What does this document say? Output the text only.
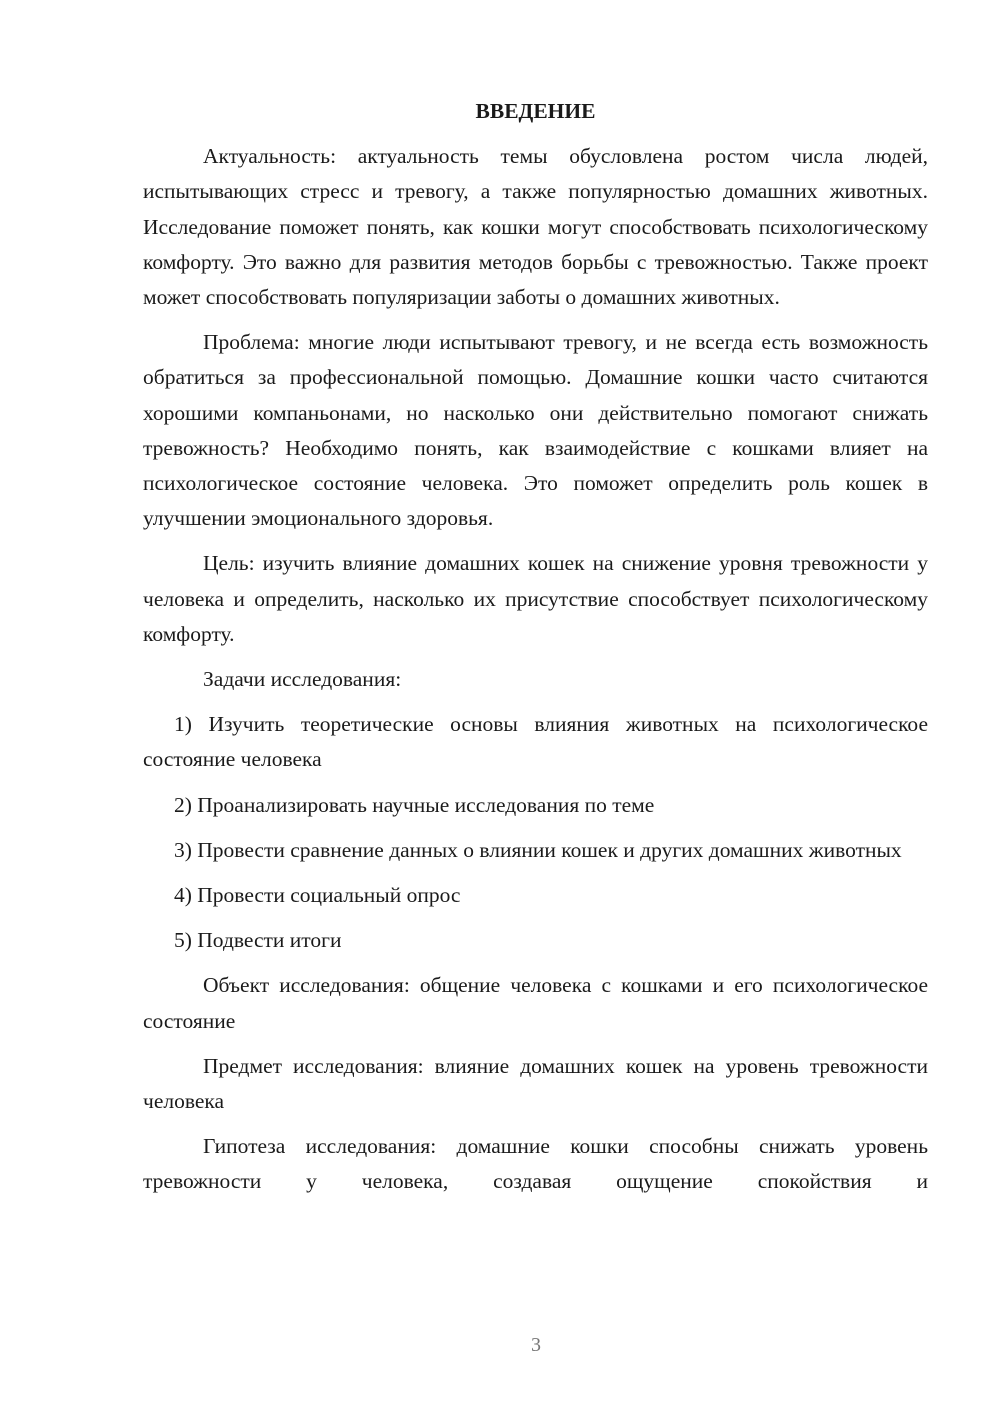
ВВЕДЕНИЕ

Актуальность: актуальность темы обусловлена ростом числа людей, испытывающих стресс и тревогу, а также популярностью домашних животных. Исследование поможет понять, как кошки могут способствовать психологическому комфорту. Это важно для развития методов борьбы с тревожностью. Также проект может способствовать популяризации заботы о домашних животных.

Проблема: многие люди испытывают тревогу, и не всегда есть возможность обратиться за профессиональной помощью. Домашние кошки часто считаются хорошими компаньонами, но насколько они действительно помогают снижать тревожность? Необходимо понять, как взаимодействие с кошками влияет на психологическое состояние человека. Это поможет определить роль кошек в улучшении эмоционального здоровья.

Цель: изучить влияние домашних кошек на снижение уровня тревожности у человека и определить, насколько их присутствие способствует психологическому комфорту.

Задачи исследования:

1) Изучить теоретические основы влияния животных на психологическое состояние человека

2) Проанализировать научные исследования по теме

3) Провести сравнение данных о влиянии кошек и других домашних животных

4) Провести социальный опрос

5) Подвести итоги

Объект исследования: общение человека с кошками и его психологическое состояние

Предмет исследования: влияние домашних кошек на уровень тревожности человека

Гипотеза исследования: домашние кошки способны снижать уровень тревожности у человека, создавая ощущение спокойствия и

3
